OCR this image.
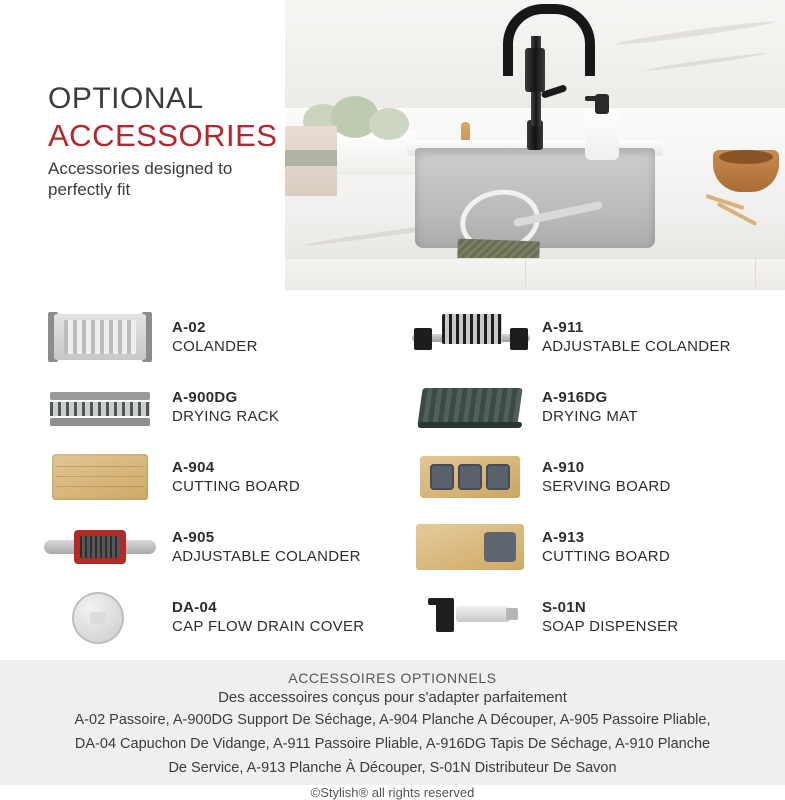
OPTIONAL
ACCESSORIES
Accessories designed to perfectly fit
A-02
COLANDER
A-911
ADJUSTABLE COLANDER
A-900DG
DRYING RACK
A-916DG
DRYING MAT
A-904
CUTTING BOARD
A-910
SERVING BOARD
A-905
ADJUSTABLE COLANDER
A-913
CUTTING BOARD
DA-04
CAP FLOW DRAIN COVER
S-01N
SOAP DISPENSER
ACCESSOIRES OPTIONNELS
Des accessoires conçus pour s'adapter parfaitement
A-02 Passoire, A-900DG Support De Séchage, A-904 Planche A Découper, A-905 Passoire Pliable,
DA-04 Capuchon De Vidange, A-911 Passoire Pliable, A-916DG Tapis De Séchage, A-910 Planche
De Service, A-913 Planche À Découper, S-01N Distributeur De Savon
©Stylish® all rights reserved
